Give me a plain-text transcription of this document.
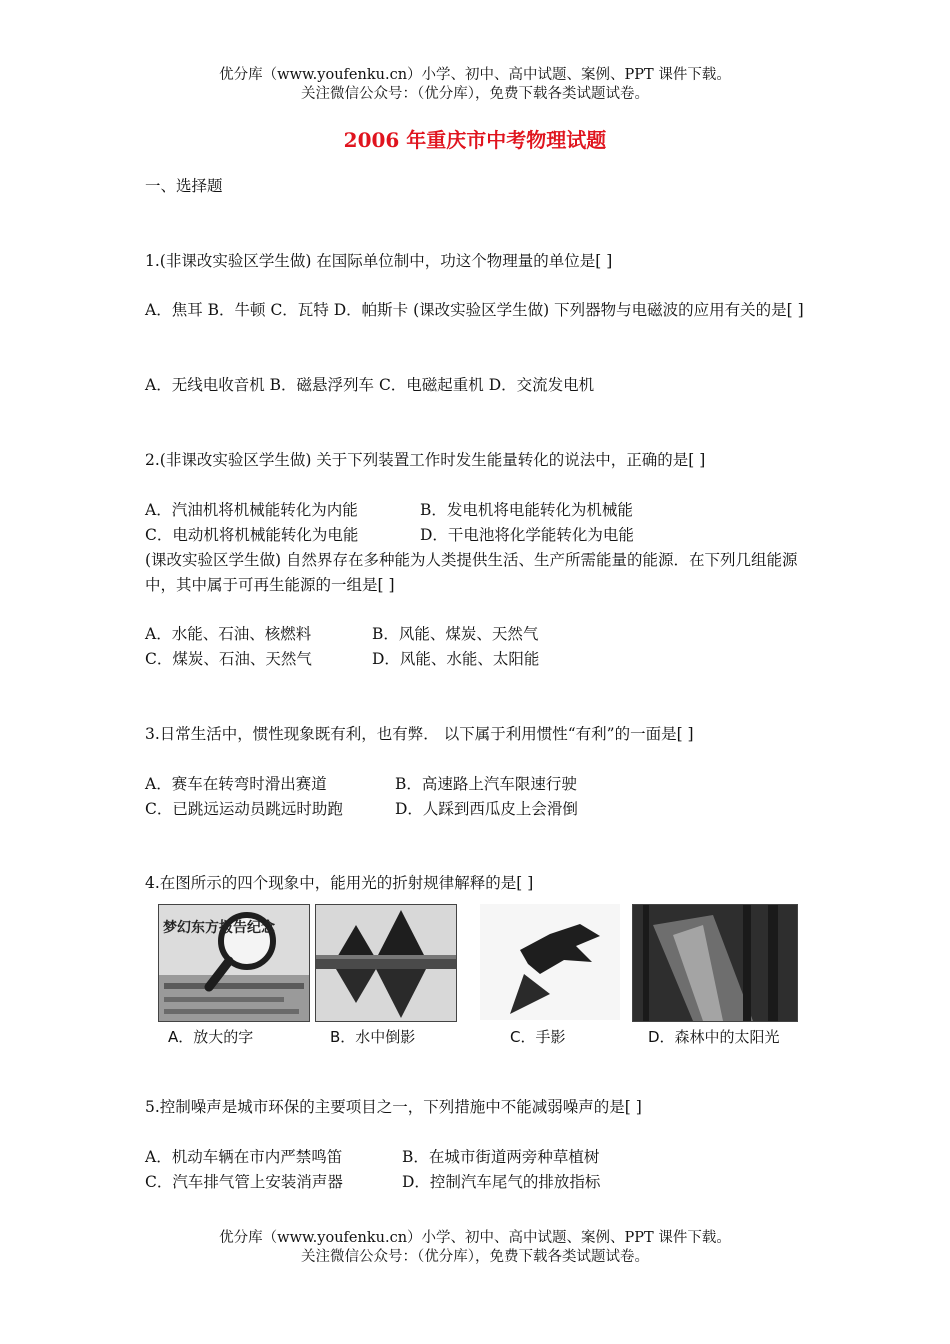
优分库（www.youfenku.cn）小学、初中、高中试题、案例、PPT 课件下载。
关注微信公众号：（优分库），免费下载各类试题试卷。
2006 年重庆市中考物理试题
一、选择题
1.(非课改实验区学生做) 在国际单位制中，功这个物理量的单位是[ ]
A．焦耳 B．牛顿 C．瓦特 D．帕斯卡 (课改实验区学生做) 下列器物与电磁波的应用有关的是[ ]
A．无线电收音机 B．磁悬浮列车 C．电磁起重机 D．交流发电机
2.(非课改实验区学生做) 关于下列装置工作时发生能量转化的说法中，正确的是[ ]
A．汽油机将机械能转化为内能	B．发电机将电能转化为机械能
C．电动机将机械能转化为电能	D．干电池将化学能转化为电能
(课改实验区学生做) 自然界存在多种能为人类提供生活、生产所需能量的能源．在下列几组能源中，其中属于可再生能源的一组是[ ]
A．水能、石油、核燃料	B．风能、煤炭、天然气
C．煤炭、石油、天然气	D．风能、水能、太阳能
3.日常生活中，惯性现象既有利，也有弊． 以下属于利用惯性“有利”的一面是[ ]
A．赛车在转弯时滑出赛道	B．高速路上汽车限速行驶
C．已跳远运动员跳远时助跑	D．人踩到西瓜皮上会滑倒
4.在图所示的四个现象中，能用光的折射规律解释的是[ ]
梦幻东方报告纪念
A．放大的字	B．水中倒影	C．手影	D．森林中的太阳光
5.控制噪声是城市环保的主要项目之一，下列措施中不能减弱噪声的是[ ]
A．机动车辆在市内严禁鸣笛	B．在城市街道两旁种草植树
C．汽车排气管上安装消声器	D．控制汽车尾气的排放指标
优分库（www.youfenku.cn）小学、初中、高中试题、案例、PPT 课件下载。
关注微信公众号：（优分库），免费下载各类试题试卷。
